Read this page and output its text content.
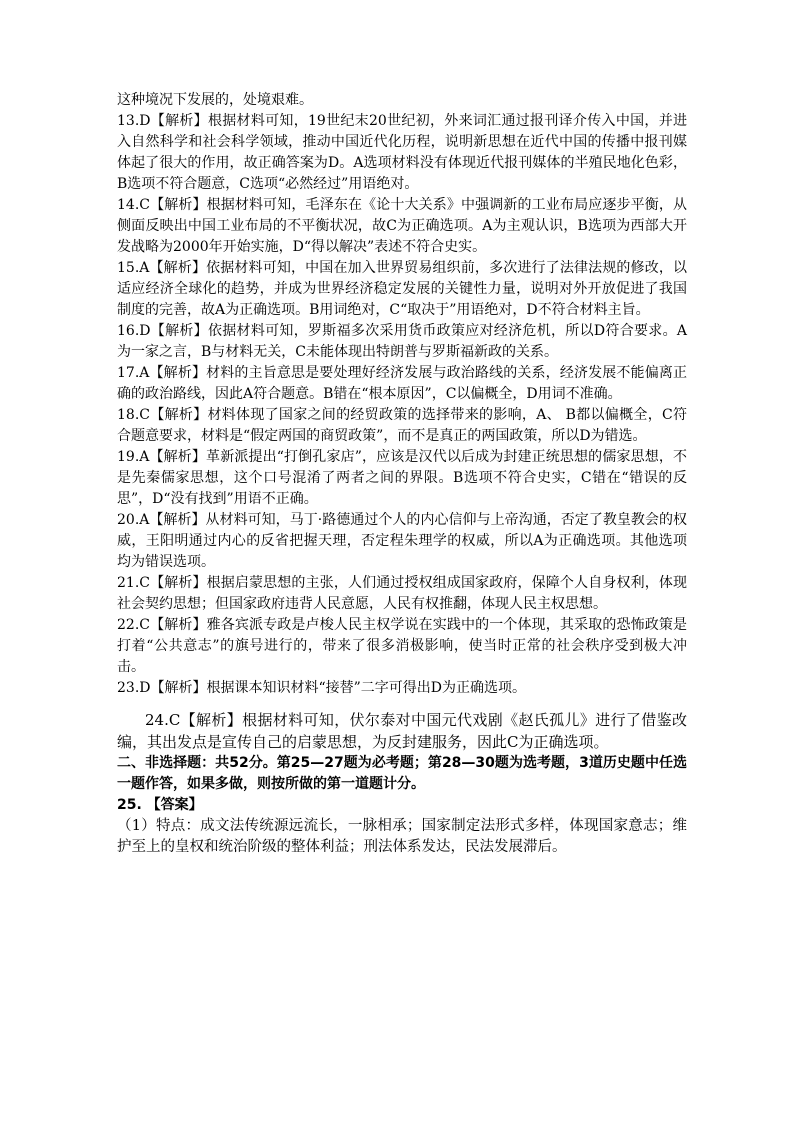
这种境况下发展的，处境艰难。

13.D【解析】根据材料可知，19世纪末20世纪初，外来词汇通过报刊译介传入中国，并进入自然科学和社会科学领域，推动中国近代化历程，说明新思想在近代中国的传播中报刊媒体起了很大的作用，故正确答案为D。A选项材料没有体现近代报刊媒体的半殖民地化色彩，B选项不符合题意，C选项“必然经过”用语绝对。

14.C【解析】根据材料可知，毛泽东在《论十大关系》中强调新的工业布局应逐步平衡，从侧面反映出中国工业布局的不平衡状况，故C为正确选项。A为主观认识，B选项为西部大开发战略为2000年开始实施，D“得以解决”表述不符合史实。

15.A【解析】依据材料可知，中国在加入世界贸易组织前，多次进行了法律法规的修改，以适应经济全球化的趋势，并成为世界经济稳定发展的关键性力量，说明对外开放促进了我国制度的完善，故A为正确选项。B用词绝对，C“取决于”用语绝对，D不符合材料主旨。

16.D【解析】依据材料可知，罗斯福多次采用货币政策应对经济危机，所以D符合要求。A为一家之言，B与材料无关，C未能体现出特朗普与罗斯福新政的关系。

17.A【解析】材料的主旨意思是要处理好经济发展与政治路线的关系，经济发展不能偏离正确的政治路线，因此A符合题意。B错在“根本原因”，C以偏概全，D用词不准确。

18.C【解析】材料体现了国家之间的经贸政策的选择带来的影响，A、 B都以偏概全，C符合题意要求，材料是“假定两国的商贸政策”，而不是真正的两国政策，所以D为错选。

19.A【解析】革新派提出“打倒孔家店”，应该是汉代以后成为封建正统思想的儒家思想，不是先秦儒家思想，这个口号混淆了两者之间的界限。B选项不符合史实，C错在“错误的反思”，D“没有找到”用语不正确。

20.A【解析】从材料可知，马丁·路德通过个人的内心信仰与上帝沟通，否定了教皇教会的权威，王阳明通过内心的反省把握天理，否定程朱理学的权威，所以A为正确选项。其他选项均为错误选项。

21.C【解析】根据启蒙思想的主张，人们通过授权组成国家政府，保障个人自身权利，体现社会契约思想；但国家政府违背人民意愿，人民有权推翻，体现人民主权思想。

22.C【解析】雅各宾派专政是卢梭人民主权学说在实践中的一个体现，其采取的恐怖政策是打着“公共意志”的旗号进行的，带来了很多消极影响，使当时正常的社会秩序受到极大冲击。

23.D【解析】根据课本知识材料“接替”二字可得出D为正确选项。

24.C【解析】根据材料可知，伏尔泰对中国元代戏剧《赵氏孤儿》进行了借鉴改编，其出发点是宣传自己的启蒙思想，为反封建服务，因此C为正确选项。

二、非选择题：共52分。第25—27题为必考题；第28—30题为选考题，3道历史题中任选一题作答，如果多做，则按所做的第一道题计分。

25. 【答案】

（1）特点：成文法传统源远流长，一脉相承；国家制定法形式多样，体现国家意志；维护至上的皇权和统治阶级的整体利益；刑法体系发达，民法发展滞后。
